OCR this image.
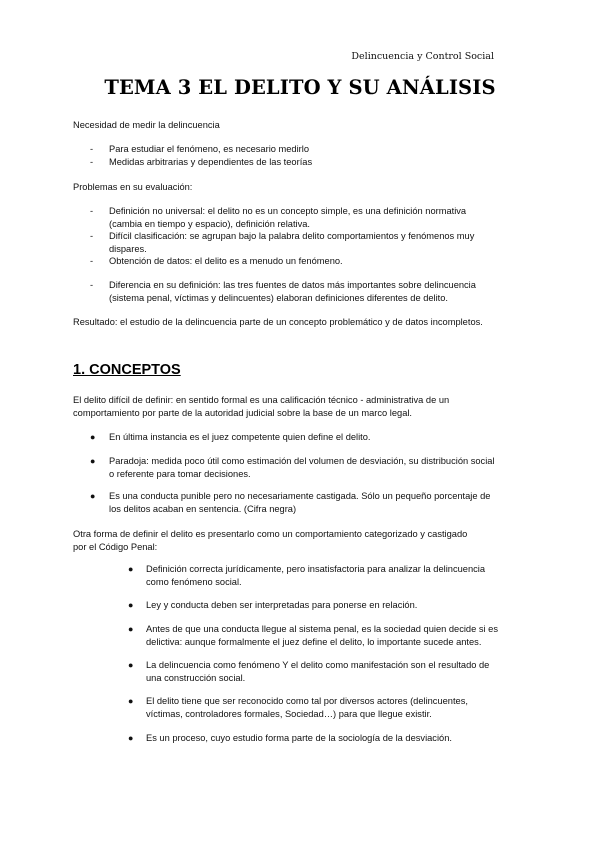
Delincuencia y Control Social
TEMA 3 EL DELITO Y SU ANÁLISIS
Necesidad de medir la delincuencia
- Para estudiar el fenómeno, es necesario medirlo
- Medidas arbitrarias y dependientes de las teorías
Problemas en su evaluación:
- Definición no universal: el delito no es un concepto simple, es una definición normativa
(cambia en tiempo y espacio), definición relativa.
- Difícil clasificación: se agrupan bajo la palabra delito comportamientos y fenómenos muy
dispares.
- Obtención de datos: el delito es a menudo un fenómeno.
- Diferencia en su definición: las tres fuentes de datos más importantes sobre delincuencia
(sistema penal, víctimas y delincuentes) elaboran definiciones diferentes de delito.
Resultado: el estudio de la delincuencia parte de un concepto problemático y de datos incompletos.
1. CONCEPTOS
El delito difícil de definir: en sentido formal es una calificación técnico - administrativa de un
comportamiento por parte de la autoridad judicial sobre la base de un marco legal.
● En última instancia es el juez competente quien define el delito.
● Paradoja: medida poco útil como estimación del volumen de desviación, su distribución social
o referente para tomar decisiones.
● Es una conducta punible pero no necesariamente castigada. Sólo un pequeño porcentaje de
los delitos acaban en sentencia. (Cifra negra)
Otra forma de definir el delito es presentarlo como un comportamiento categorizado y castigado
por el Código Penal:
● Definición correcta jurídicamente, pero insatisfactoria para analizar la delincuencia
como fenómeno social.
● Ley y conducta deben ser interpretadas para ponerse en relación.
● Antes de que una conducta llegue al sistema penal, es la sociedad quien decide si es
delictiva: aunque formalmente el juez define el delito, lo importante sucede antes.
● La delincuencia como fenómeno Y el delito como manifestación son el resultado de
una construcción social.
● El delito tiene que ser reconocido como tal por diversos actores (delincuentes,
víctimas, controladores formales, Sociedad…) para que llegue existir.
● Es un proceso, cuyo estudio forma parte de la sociología de la desviación.
